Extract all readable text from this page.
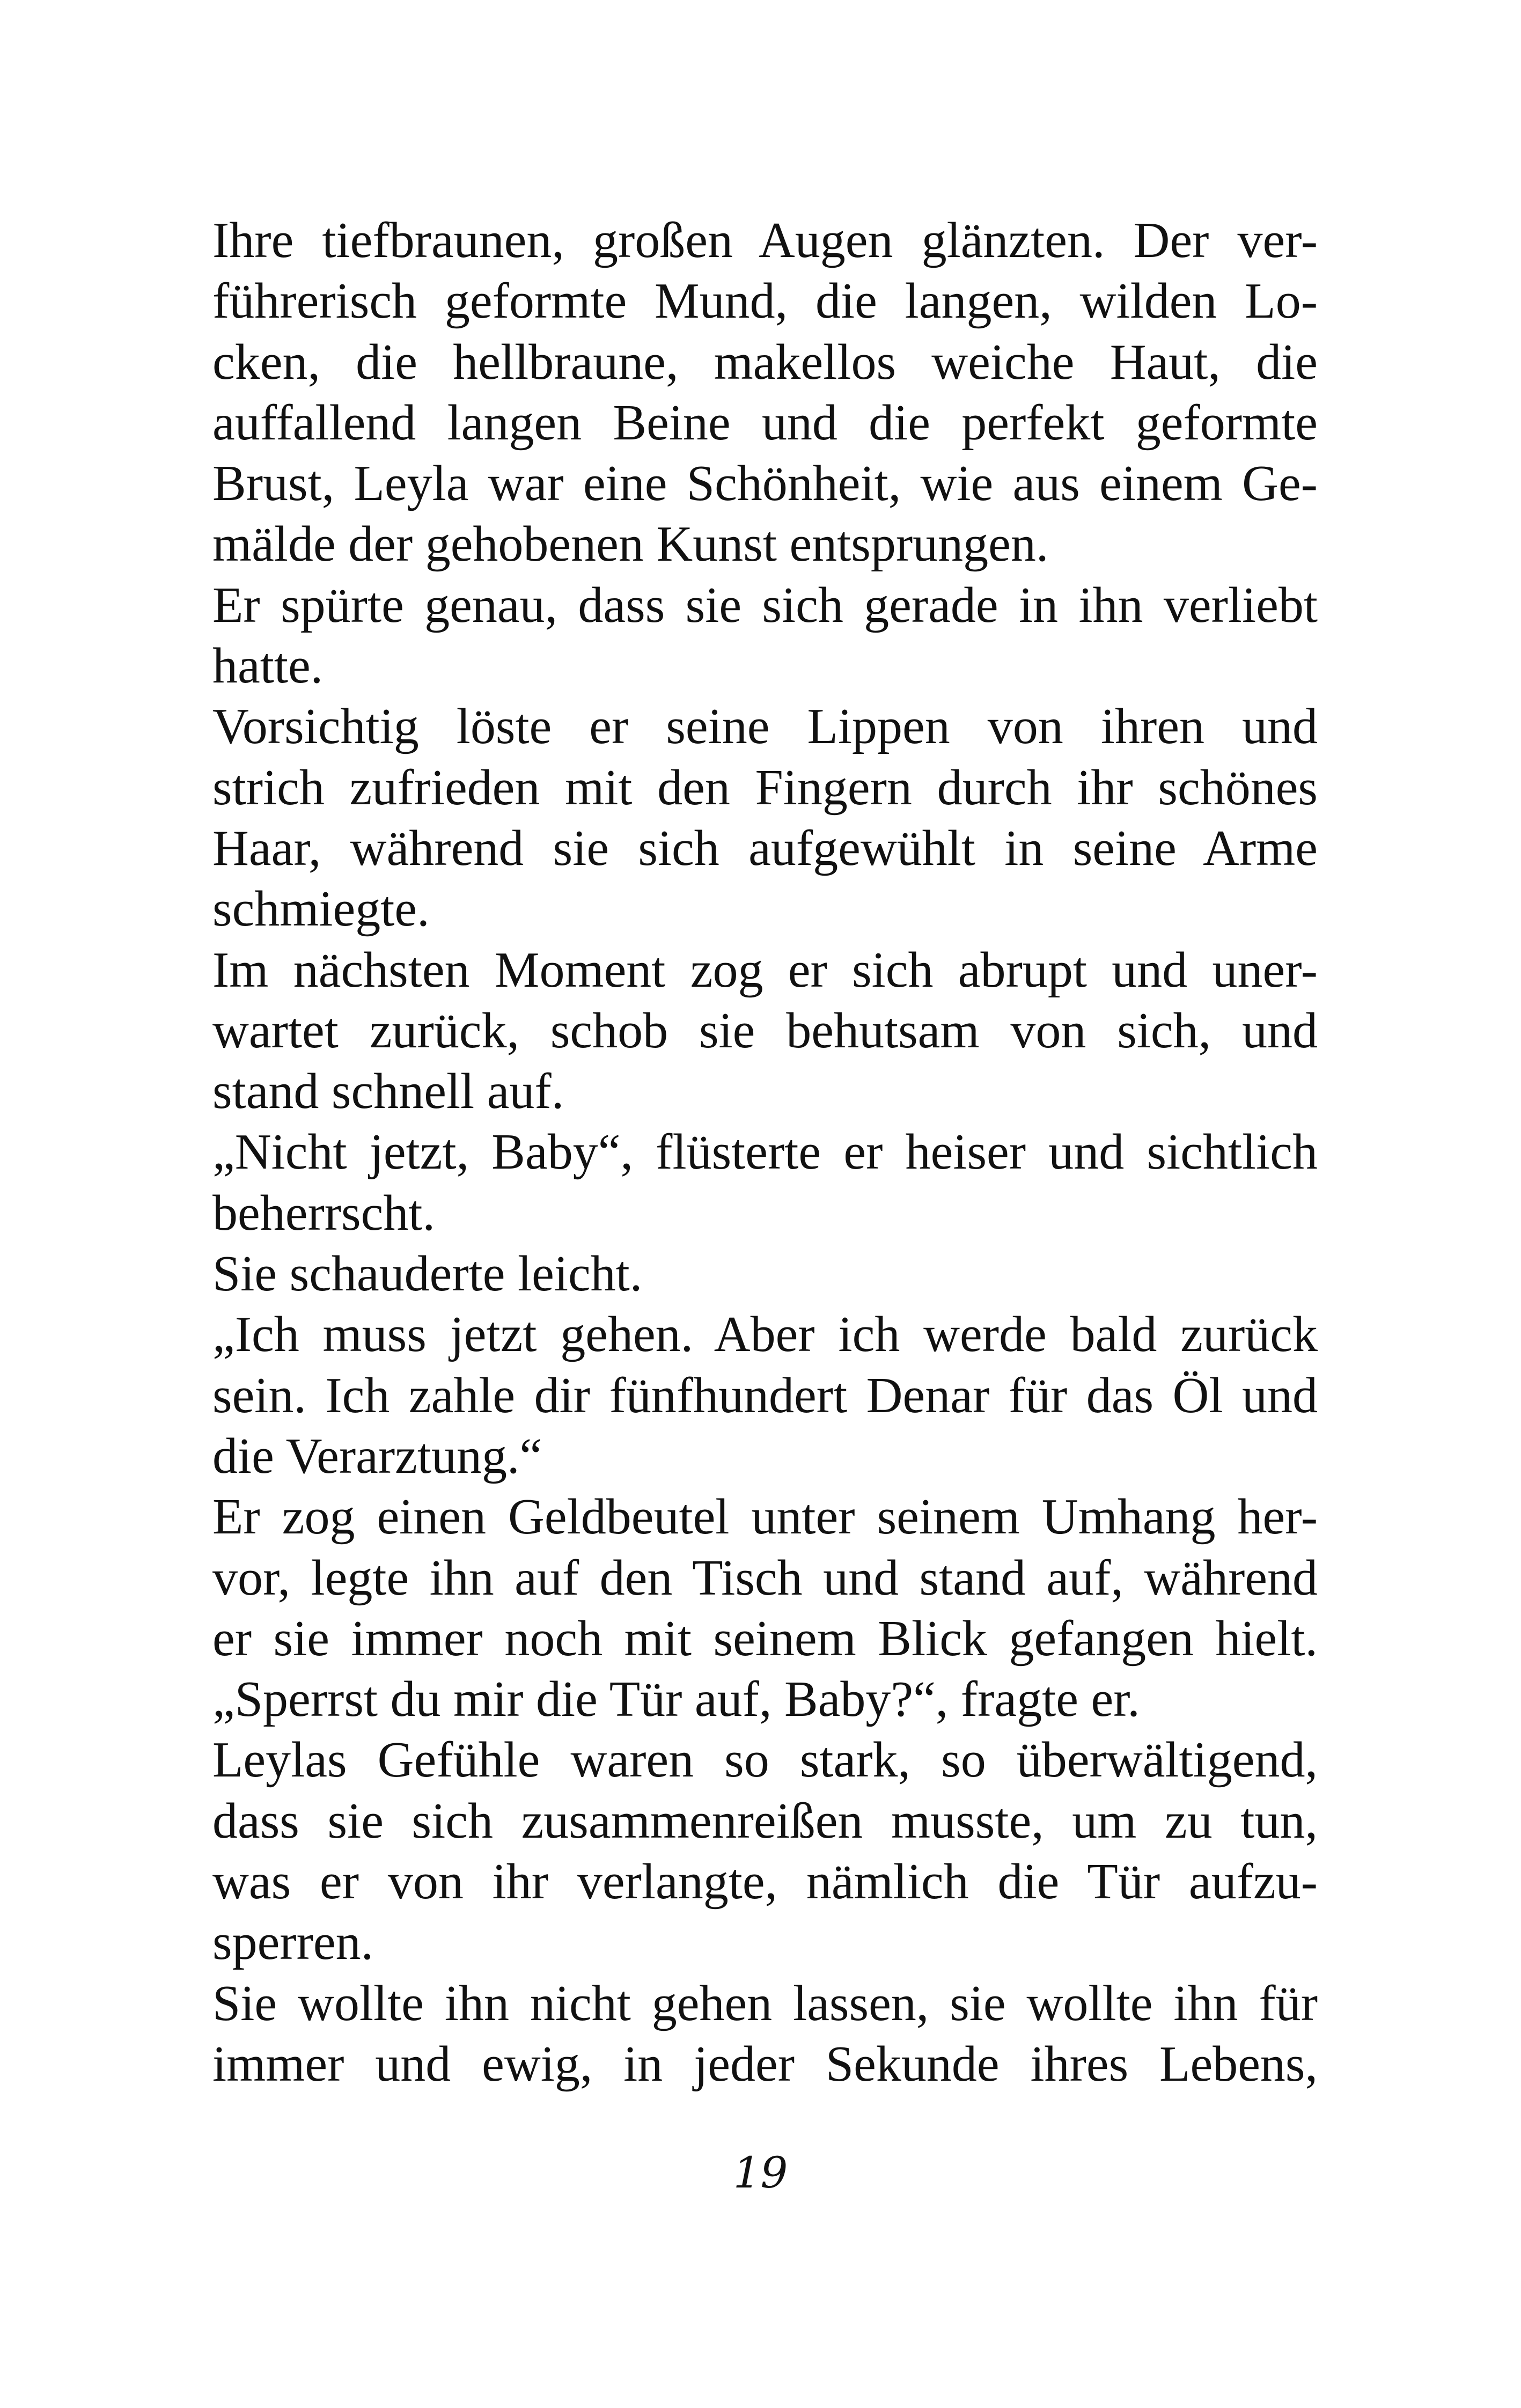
Ihre tiefbraunen, großen Augen glänzten. Der ver-
führerisch geformte Mund, die langen, wilden Lo-
cken, die hellbraune, makellos weiche Haut, die
auffallend langen Beine und die perfekt geformte
Brust, Leyla war eine Schönheit, wie aus einem Ge-
mälde der gehobenen Kunst entsprungen.
Er spürte genau, dass sie sich gerade in ihn verliebt
hatte.
Vorsichtig löste er seine Lippen von ihren und
strich zufrieden mit den Fingern durch ihr schönes
Haar, während sie sich aufgewühlt in seine Arme
schmiegte.
Im nächsten Moment zog er sich abrupt und uner-
wartet zurück, schob sie behutsam von sich, und
stand schnell auf.
„Nicht jetzt, Baby“, flüsterte er heiser und sichtlich
beherrscht.
Sie schauderte leicht.
„Ich muss jetzt gehen. Aber ich werde bald zurück
sein. Ich zahle dir fünfhundert Denar für das Öl und
die Verarztung.“
Er zog einen Geldbeutel unter seinem Umhang her-
vor, legte ihn auf den Tisch und stand auf, während
er sie immer noch mit seinem Blick gefangen hielt.
„Sperrst du mir die Tür auf, Baby?“, fragte er.
Leylas Gefühle waren so stark, so überwältigend,
dass sie sich zusammenreißen musste, um zu tun,
was er von ihr verlangte, nämlich die Tür aufzu-
sperren.
Sie wollte ihn nicht gehen lassen, sie wollte ihn für
immer und ewig, in jeder Sekunde ihres Lebens,
19
